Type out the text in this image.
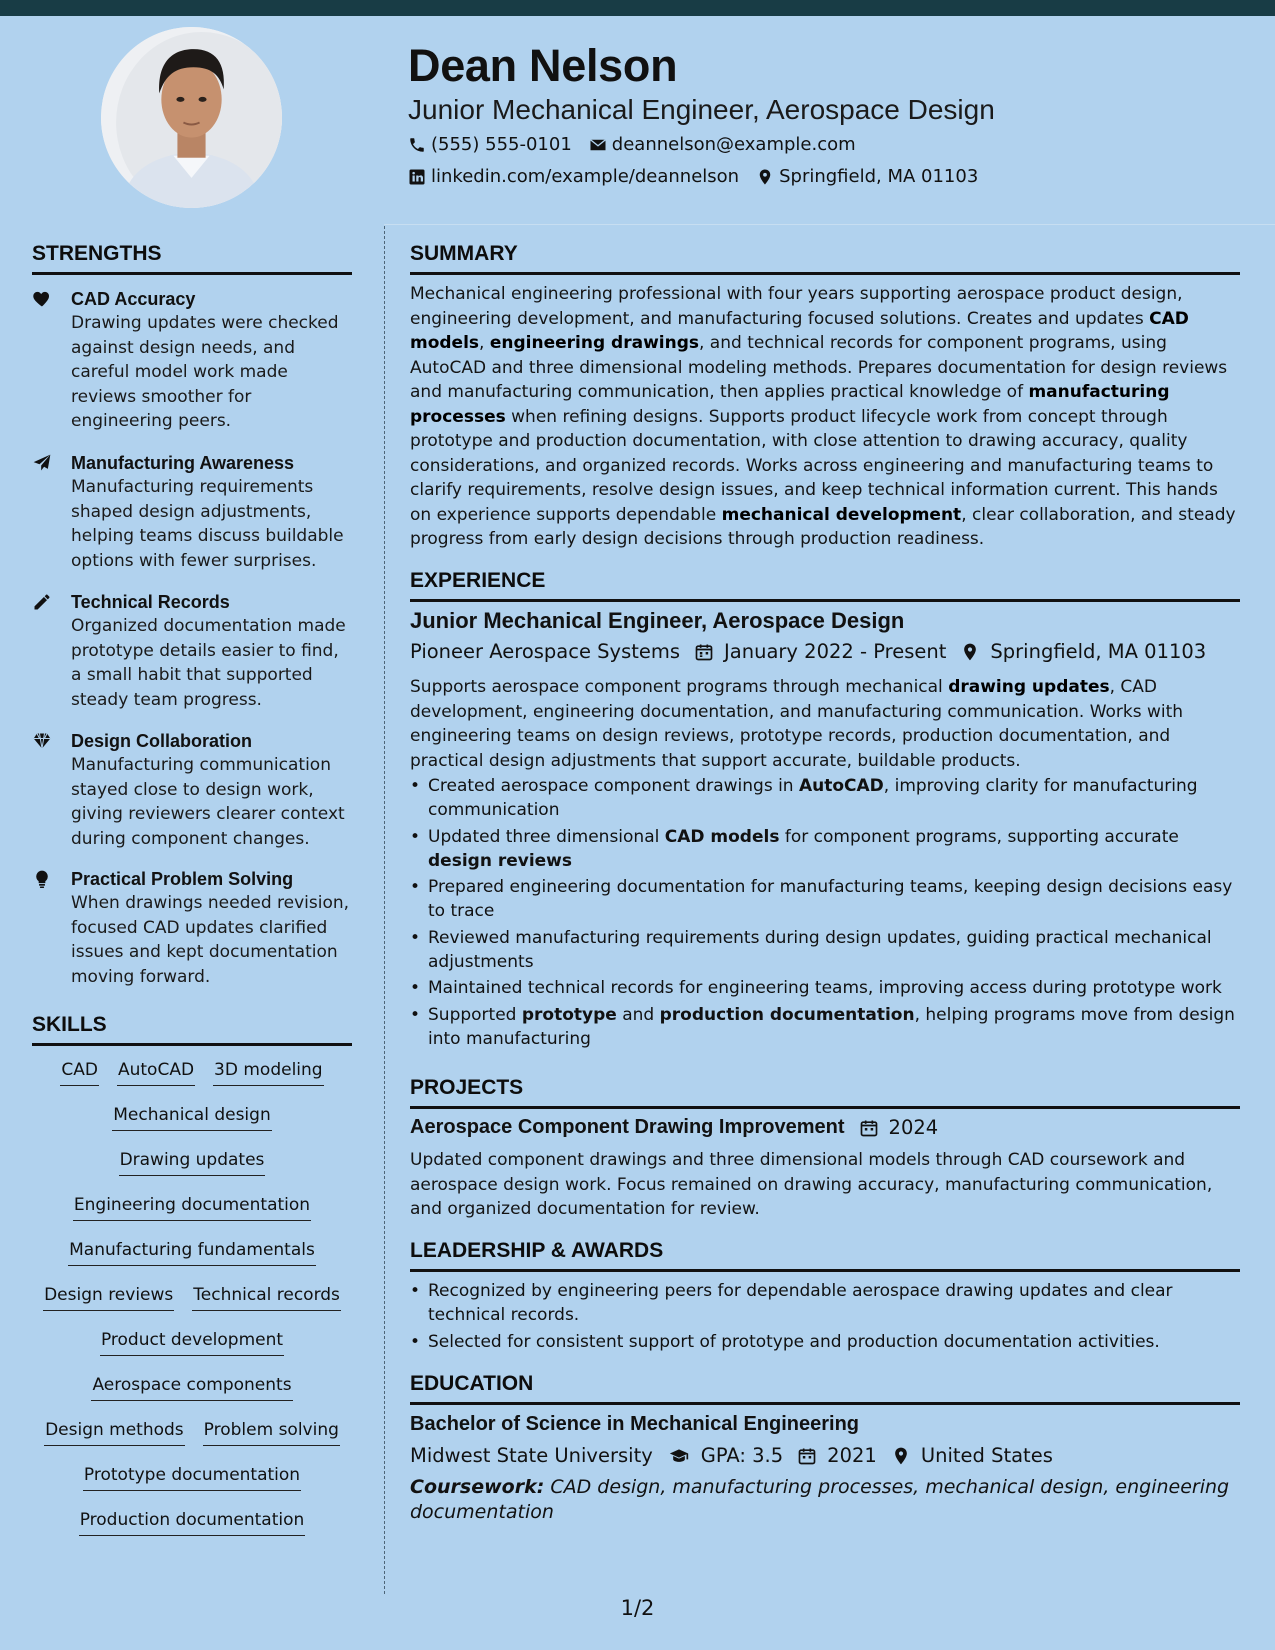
Dean Nelson
Junior Mechanical Engineer, Aerospace Design
(555) 555-0101 deannelson@example.com
linkedin.com/example/deannelson Springfield, MA 01103
STRENGTHS
CAD Accuracy
Drawing updates were checked against design needs, and careful model work made reviews smoother for engineering peers.
Manufacturing Awareness
Manufacturing requirements shaped design adjustments, helping teams discuss buildable options with fewer surprises.
Technical Records
Organized documentation made prototype details easier to find, a small habit that supported steady team progress.
Design Collaboration
Manufacturing communication stayed close to design work, giving reviewers clearer context during component changes.
Practical Problem Solving
When drawings needed revision, focused CAD updates clarified issues and kept documentation moving forward.
SKILLS
CAD AutoCAD 3D modeling
Mechanical design
Drawing updates
Engineering documentation
Manufacturing fundamentals
Design reviews Technical records
Product development
Aerospace components
Design methods Problem solving
Prototype documentation
Production documentation
SUMMARY
Mechanical engineering professional with four years supporting aerospace product design, engineering development, and manufacturing focused solutions. Creates and updates CAD models, engineering drawings, and technical records for component programs, using AutoCAD and three dimensional modeling methods. Prepares documentation for design reviews and manufacturing communication, then applies practical knowledge of manufacturing processes when refining designs. Supports product lifecycle work from concept through prototype and production documentation, with close attention to drawing accuracy, quality considerations, and organized records. Works across engineering and manufacturing teams to clarify requirements, resolve design issues, and keep technical information current. This hands on experience supports dependable mechanical development, clear collaboration, and steady progress from early design decisions through production readiness.
EXPERIENCE
Junior Mechanical Engineer, Aerospace Design
Pioneer Aerospace Systems January 2022 - Present Springfield, MA 01103
Supports aerospace component programs through mechanical drawing updates, CAD development, engineering documentation, and manufacturing communication. Works with engineering teams on design reviews, prototype records, production documentation, and practical design adjustments that support accurate, buildable products.
• Created aerospace component drawings in AutoCAD, improving clarity for manufacturing communication
• Updated three dimensional CAD models for component programs, supporting accurate design reviews
• Prepared engineering documentation for manufacturing teams, keeping design decisions easy to trace
• Reviewed manufacturing requirements during design updates, guiding practical mechanical adjustments
• Maintained technical records for engineering teams, improving access during prototype work
• Supported prototype and production documentation, helping programs move from design into manufacturing
PROJECTS
Aerospace Component Drawing Improvement 2024
Updated component drawings and three dimensional models through CAD coursework and aerospace design work. Focus remained on drawing accuracy, manufacturing communication, and organized documentation for review.
LEADERSHIP & AWARDS
• Recognized by engineering peers for dependable aerospace drawing updates and clear technical records.
• Selected for consistent support of prototype and production documentation activities.
EDUCATION
Bachelor of Science in Mechanical Engineering
Midwest State University GPA: 3.5 2021 United States
Coursework: CAD design, manufacturing processes, mechanical design, engineering documentation
1/2
